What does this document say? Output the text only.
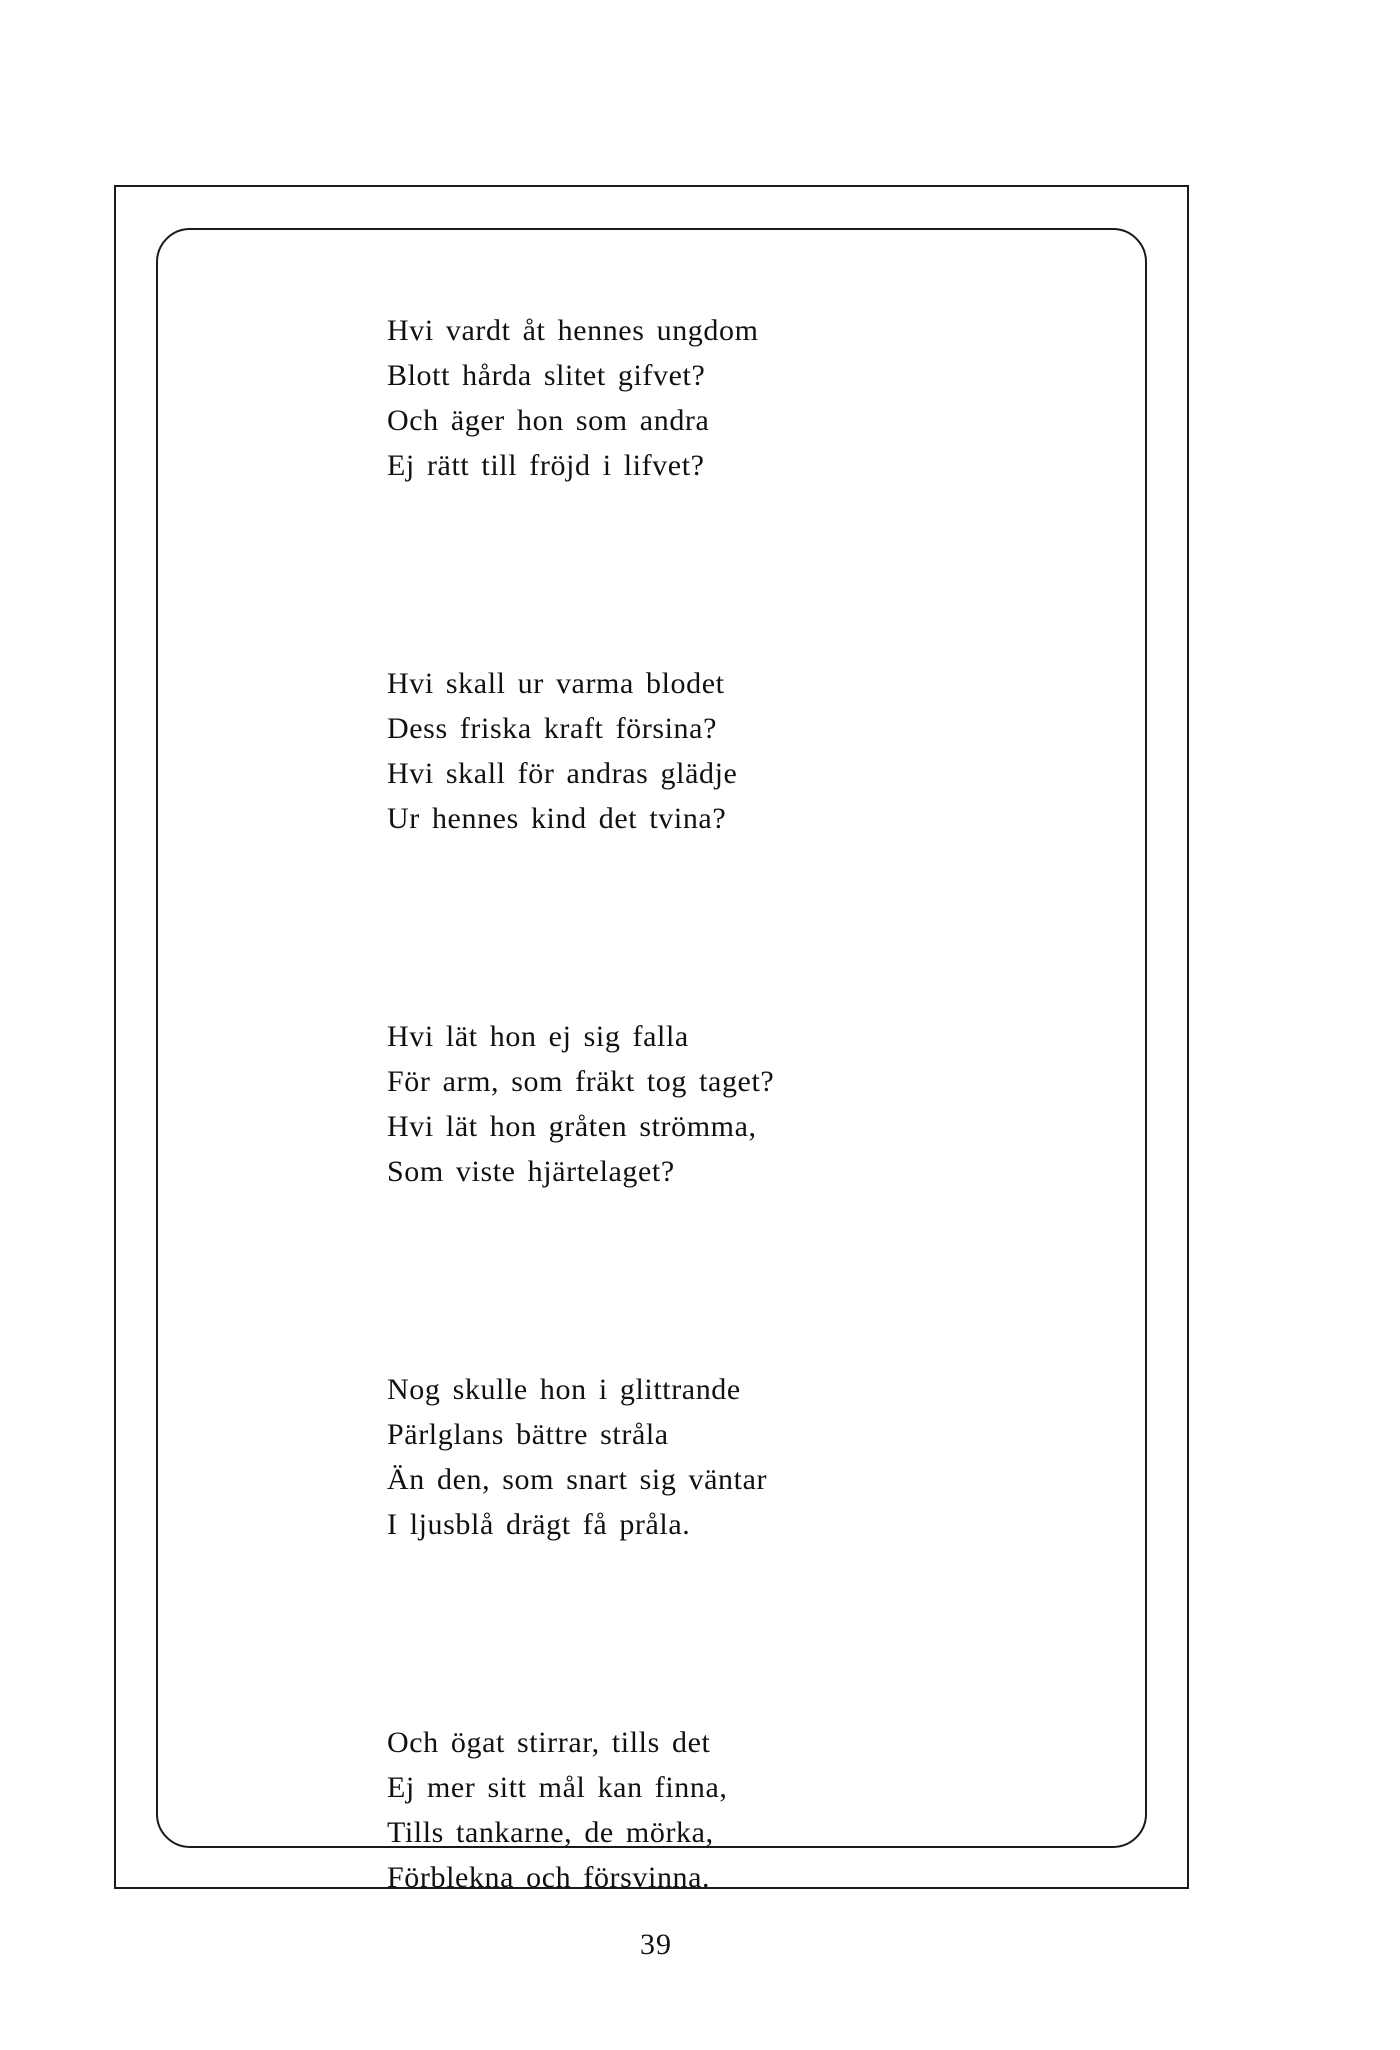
Hvi vardt åt hennes ungdom
Blott hårda slitet gifvet?
Och äger hon som andra
Ej rätt till fröjd i lifvet?
Hvi skall ur varma blodet
Dess friska kraft försina?
Hvi skall för andras glädje
Ur hennes kind det tvina?
Hvi lät hon ej sig falla
För arm, som fräkt tog taget?
Hvi lät hon gråten strömma,
Som viste hjärtelaget?
Nog skulle hon i glittrande
Pärlglans bättre stråla
Än den, som snart sig väntar
I ljusblå drägt få pråla.
Och ögat stirrar, tills det
Ej mer sitt mål kan finna,
Tills tankarne, de mörka,
Förblekna och försvinna.
39
